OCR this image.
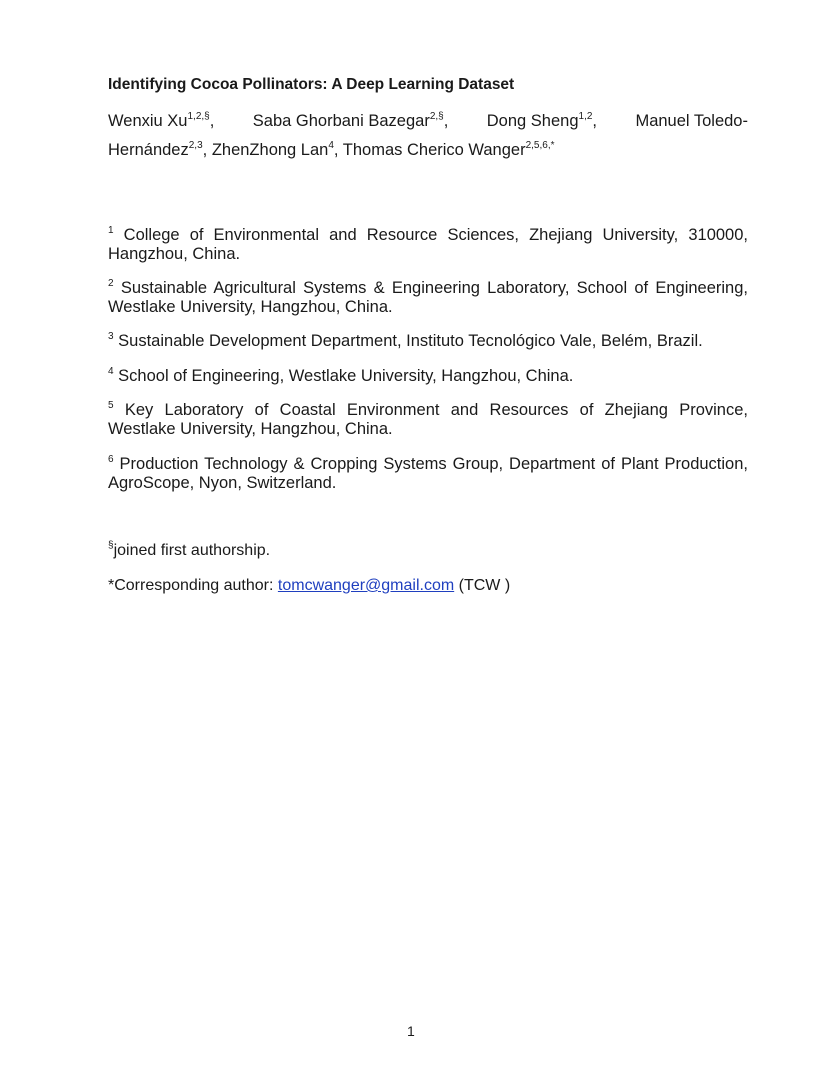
Identifying Cocoa Pollinators: A Deep Learning Dataset
Wenxiu $Xu^{1,2,\S}$, Saba Ghorbani Bazegar$^{2,\S}$, Dong Sheng$^{1,2}$, Manuel Toledo-
Hernández$^{2,3}$, ZhenZhong Lan$^4$, Thomas Cherico Wanger$^{2,5,6,*}$
$^1$ College of Environmental and Resource Sciences, Zhejiang University, 310000,
Hangzhou, China.
$^2$ Sustainable Agricultural Systems & Engineering Laboratory, School of Engineering,
Westlake University, Hangzhou, China.
$^3$ Sustainable Development Department, Instituto Tecnológico Vale, Belém, Brazil.
$^4$ School of Engineering, Westlake University, Hangzhou, China.
$^5$ Key Laboratory of Coastal Environment and Resources of Zhejiang Province,
Westlake University, Hangzhou, China.
$^6$ Production Technology & Cropping Systems Group, Department of Plant Production,
AgroScope, Nyon, Switzerland.
§joined first authorship.
*Corresponding author: tomcwanger@gmail.com (TCW )
1
